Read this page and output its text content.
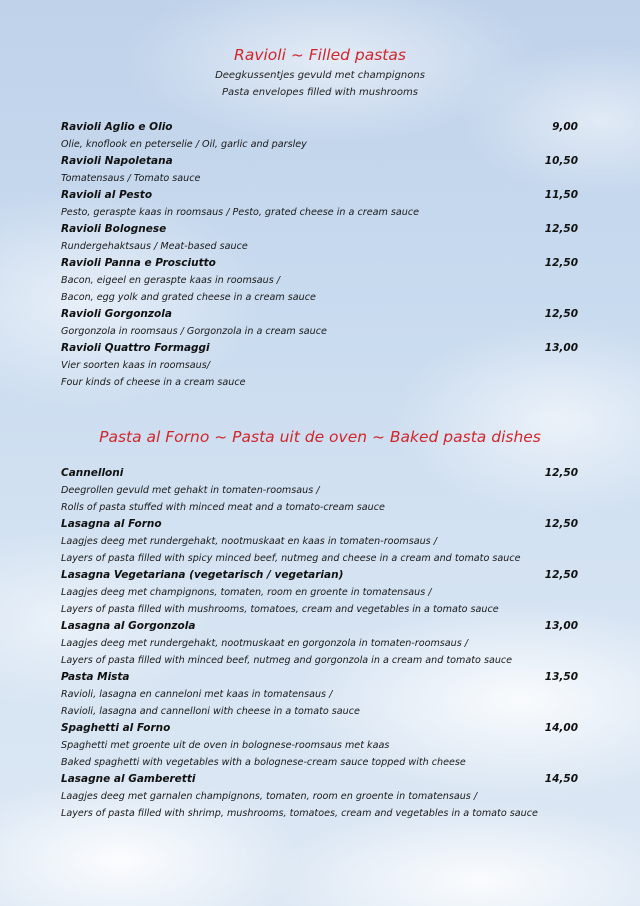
Ravioli ~ Filled pastas
Deegkussentjes gevuld met champignons
Pasta envelopes filled with mushrooms
Ravioli Aglio e Olio	9,00
Olie, knoflook en peterselie / Oil, garlic and parsley
Ravioli Napoletana	10,50
Tomatensaus / Tomato sauce
Ravioli al Pesto	11,50
Pesto, geraspte kaas in roomsaus / Pesto, grated cheese in a cream sauce
Ravioli Bolognese	12,50
Rundergehaktsaus / Meat-based sauce
Ravioli Panna e Prosciutto	12,50
Bacon, eigeel en geraspte kaas in roomsaus /
Bacon, egg yolk and grated cheese in a cream sauce
Ravioli Gorgonzola	12,50
Gorgonzola in roomsaus / Gorgonzola in a cream sauce
Ravioli Quattro Formaggi	13,00
Vier soorten kaas in roomsaus/
Four kinds of cheese in a cream sauce
Pasta al Forno ~ Pasta uit de oven ~ Baked pasta dishes
Cannelloni	12,50
Deegrollen gevuld met gehakt in tomaten-roomsaus /
Rolls of pasta stuffed with minced meat and a tomato-cream sauce
Lasagna al Forno	12,50
Laagjes deeg met rundergehakt, nootmuskaat en kaas in tomaten-roomsaus /
Layers of pasta filled with spicy minced beef, nutmeg and cheese in a cream and tomato sauce
Lasagna Vegetariana (vegetarisch / vegetarian)	12,50
Laagjes deeg met champignons, tomaten, room en groente in tomatensaus /
Layers of pasta filled with mushrooms, tomatoes, cream and vegetables in a tomato sauce
Lasagna al Gorgonzola	13,00
Laagjes deeg met rundergehakt, nootmuskaat en gorgonzola in tomaten-roomsaus /
Layers of pasta filled with minced beef, nutmeg and gorgonzola in a cream and tomato sauce
Pasta Mista	13,50
Ravioli, lasagna en canneloni met kaas in tomatensaus /
Ravioli, lasagna and cannelloni with cheese in a tomato sauce
Spaghetti al Forno	14,00
Spaghetti met groente uit de oven in bolognese-roomsaus met kaas
Baked spaghetti with vegetables with a bolognese-cream sauce topped with cheese
Lasagne al Gamberetti	14,50
Laagjes deeg met garnalen champignons, tomaten, room en groente in tomatensaus /
Layers of pasta filled with shrimp, mushrooms, tomatoes, cream and vegetables in a tomato sauce
